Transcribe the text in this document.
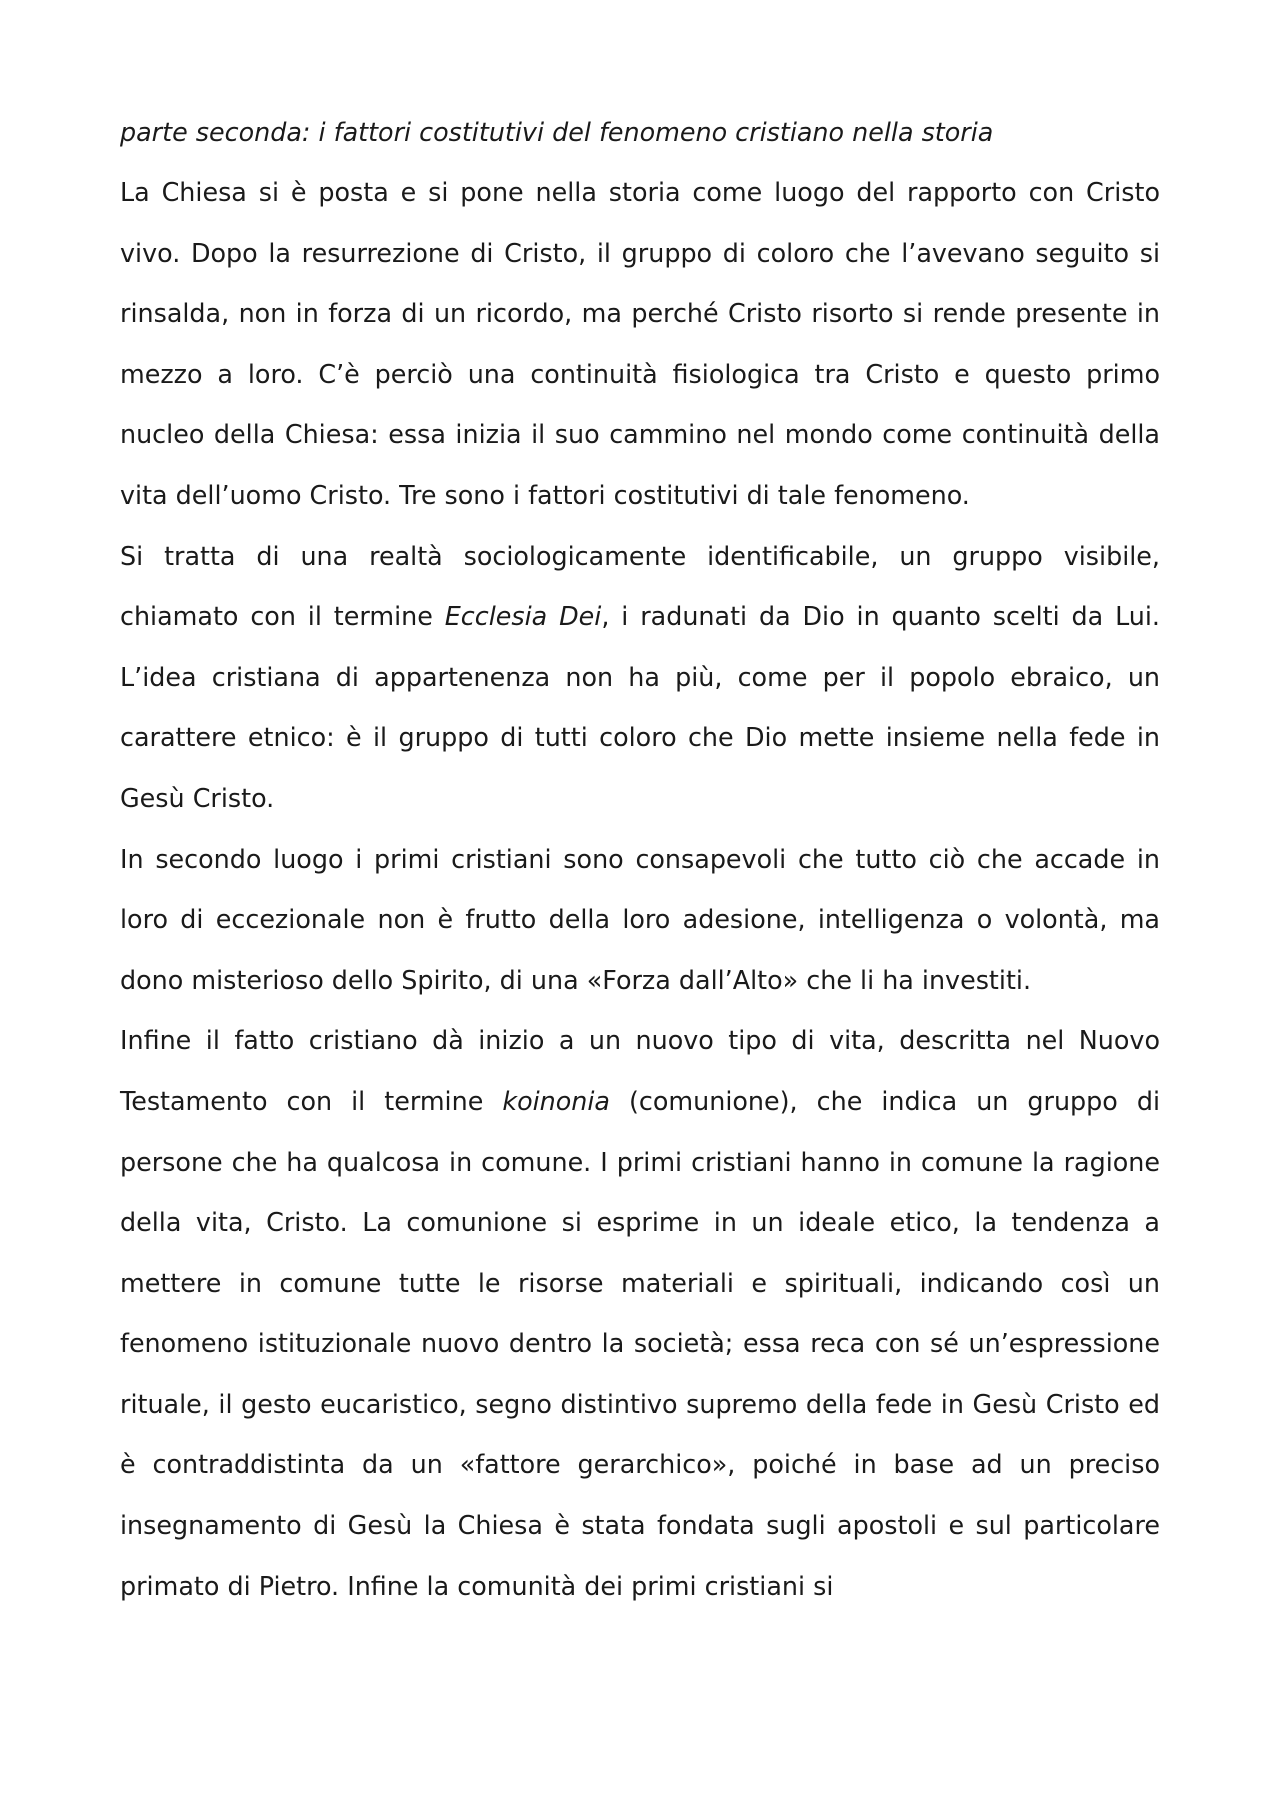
parte seconda: i fattori costitutivi del fenomeno cristiano nella storia

La Chiesa si è posta e si pone nella storia come luogo del rapporto con Cristo vivo. Dopo la resurrezione di Cristo, il gruppo di coloro che l’avevano seguito si rinsalda, non in forza di un ricordo, ma perché Cristo risorto si rende presente in mezzo a loro. C’è perciò una continuità fisiologica tra Cristo e questo primo nucleo della Chiesa: essa inizia il suo cammino nel mondo come continuità della vita dell’uomo Cristo. Tre sono i fattori costitutivi di tale fenomeno.

Si tratta di una realtà sociologicamente identificabile, un gruppo visibile, chiamato con il termine Ecclesia Dei, i radunati da Dio in quanto scelti da Lui. L’idea cristiana di appartenenza non ha più, come per il popolo ebraico, un carattere etnico: è il gruppo di tutti coloro che Dio mette insieme nella fede in Gesù Cristo.

In secondo luogo i primi cristiani sono consapevoli che tutto ciò che accade in loro di eccezionale non è frutto della loro adesione, intelligenza o volontà, ma dono misterioso dello Spirito, di una «Forza dall’Alto» che li ha investiti.

Infine il fatto cristiano dà inizio a un nuovo tipo di vita, descritta nel Nuovo Testamento con il termine koinonia (comunione), che indica un gruppo di persone che ha qualcosa in comune. I primi cristiani hanno in comune la ragione della vita, Cristo. La comunione si esprime in un ideale etico, la tendenza a mettere in comune tutte le risorse materiali e spirituali, indicando così un fenomeno istituzionale nuovo dentro la società; essa reca con sé un’espressione rituale, il gesto eucaristico, segno distintivo supremo della fede in Gesù Cristo ed è contraddistinta da un «fattore gerarchico», poiché in base ad un preciso insegnamento di Gesù la Chiesa è stata fondata sugli apostoli e sul particolare primato di Pietro. Infine la comunità dei primi cristiani si
